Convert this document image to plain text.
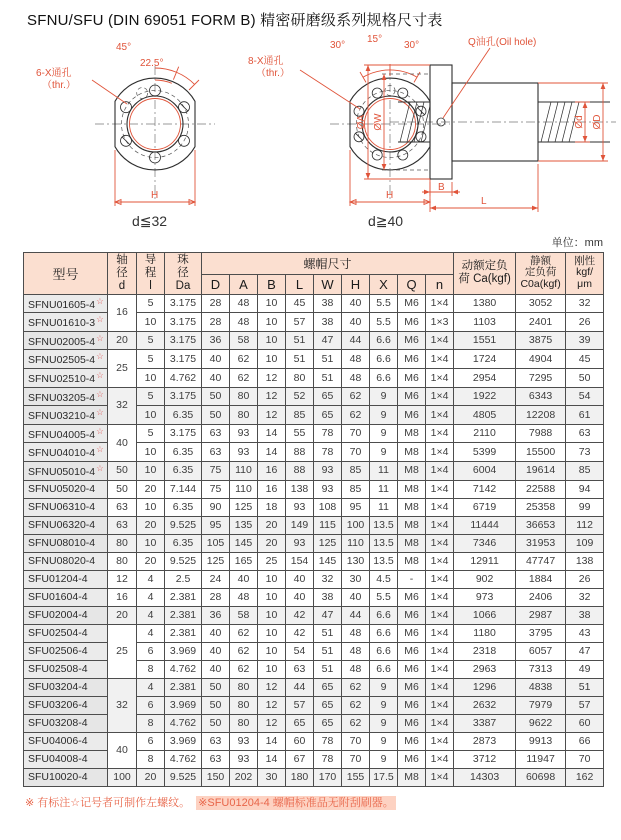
SFNU/SFU (DIN 69051 FORM B) 精密研磨级系列规格尺寸表
45°
22.5°
6-X通孔
（thr.）
H
d≦32
30°
15°
30°
8-X通孔
（thr.）
H
d≧40
Q油孔(Oil hole)
ØA ØW	Ød ØD
B
L
单位：mm
型号	
轴
径
d

导
程
l

珠
径
Da
	螺帽尺寸	动额定负
荷 Ca(kgf)

静额
定负荷
C0a(kgf)

刚性
kgf/
μm

				D	A	B	L	W	H	X	Q	n			
SFNU01605-4☆	16	5	3.175	28	48	10	45	38	40	5.5	M6	1×4	1380	3052	32
SFNU01610-3☆		10	3.175	28	48	10	57	38	40	5.5	M6	1×3	1103	2401	26
SFNU02005-4☆	20	5	3.175	36	58	10	51	47	44	6.6	M6	1×4	1551	3875	39
SFNU02505-4☆	25	5	3.175	40	62	10	51	51	48	6.6	M6	1×4	1724	4904	45
SFNU02510-4☆		10	4.762	40	62	12	80	51	48	6.6	M6	1×4	2954	7295	50
SFNU03205-4☆	32	5	3.175	50	80	12	52	65	62	9	M6	1×4	1922	6343	54
SFNU03210-4☆		10	6.35	50	80	12	85	65	62	9	M6	1×4	4805	12208	61
SFNU04005-4☆	40	5	3.175	63	93	14	55	78	70	9	M8	1×4	2110	7988	63
SFNU04010-4☆		10	6.35	63	93	14	88	78	70	9	M8	1×4	5399	15500	73
SFNU05010-4☆	50	10	6.35	75	110	16	88	93	85	11	M8	1×4	6004	19614	85
SFNU05020-4	50	20	7.144	75	110	16	138	93	85	11	M8	1×4	7142	22588	94
SFNU06310-4	63	10	6.35	90	125	18	93	108	95	11	M8	1×4	6719	25358	99
SFNU06320-4	63	20	9.525	95	135	20	149	115	100	13.5	M8	1×4	11444	36653	112
SFNU08010-4	80	10	6.35	105	145	20	93	125	110	13.5	M8	1×4	7346	31953	109
SFNU08020-4	80	20	9.525	125	165	25	154	145	130	13.5	M8	1×4	12911	47747	138
SFU01204-4	12	4	2.5	24	40	10	40	32	30	4.5	-	1×4	902	1884	26
SFU01604-4	16	4	2.381	28	48	10	40	38	40	5.5	M6	1×4	973	2406	32
SFU02004-4	20	4	2.381	36	58	10	42	47	44	6.6	M6	1×4	1066	2987	38
SFU02504-4	25	4	2.381	40	62	10	42	51	48	6.6	M6	1×4	1180	3795	43
SFU02506-4		6	3.969	40	62	10	54	51	48	6.6	M6	1×4	2318	6057	47
SFU02508-4		8	4.762	40	62	10	63	51	48	6.6	M6	1×4	2963	7313	49
SFU03204-4	32	4	2.381	50	80	12	44	65	62	9	M6	1×4	1296	4838	51
SFU03206-4		6	3.969	50	80	12	57	65	62	9	M6	1×4	2632	7979	57
SFU03208-4		8	4.762	50	80	12	65	65	62	9	M6	1×4	3387	9622	60
SFU04006-4	40	6	3.969	63	93	14	60	78	70	9	M6	1×4	2873	9913	66
SFU04008-4		8	4.762	63	93	14	67	78	70	9	M6	1×4	3712	11947	70
SFU10020-4	100	20	9.525	150	202	30	180	170	155	17.5	M8	1×4	14303	60698	162
※ 有标注☆记号者可制作左螺纹。 ※SFU01204-4 螺帽标准品无附刮刷器。
